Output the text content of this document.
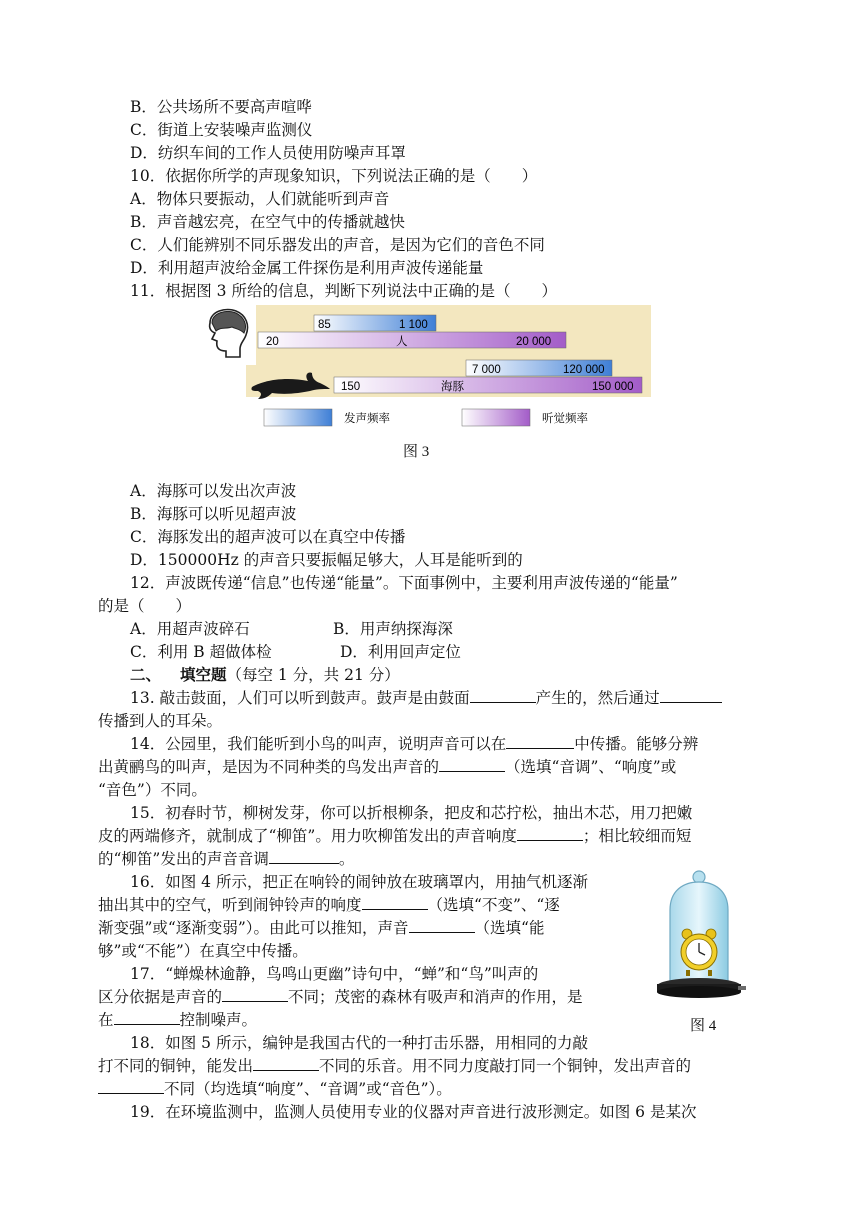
B．公共场所不要高声喧哗
C．街道上安装噪声监测仪
D．纺织车间的工作人员使用防噪声耳罩
10．依据你所学的声现象知识，下列说法正确的是（　　）
A．物体只要振动，人们就能听到声音
B．声音越宏亮，在空气中的传播就越快
C．人们能辨别不同乐器发出的声音，是因为它们的音色不同
D．利用超声波给金属工件探伤是利用声波传递能量
11．根据图 3 所给的信息，判断下列说法中正确的是（　　）
85	1 100
20	人	20 000
7 000	120 000
150	海豚	150 000
发声频率	听觉频率
图 3
A．海豚可以发出次声波
B．海豚可以听见超声波
C．海豚发出的超声波可以在真空中传播
D．150000Hz 的声音只要振幅足够大，人耳是能听到的
12．声波既传递“信息”也传递“能量”。下面事例中，主要利用声波传递的“能量”
的是（　　）
A．用超声波碎石	B．用声纳探海深
C．利用 B 超做体检	D．利用回声定位
二、 填空题（每空 1 分，共 21 分）
13. 敲击鼓面，人们可以听到鼓声。鼓声是由鼓面	产生的，然后通过
传播到人的耳朵。
14．公园里，我们能听到小鸟的叫声，说明声音可以在	中传播。能够分辨
出黄鹂鸟的叫声，是因为不同种类的鸟发出声音的	（选填“音调”、“响度”或
“音色”）不同。
15．初春时节，柳树发芽，你可以折根柳条，把皮和芯拧松，抽出木芯，用刀把嫩
皮的两端修齐，就制成了“柳笛”。用力吹柳笛发出的声音响度	；相比较细而短
的“柳笛”发出的声音音调	。
16．如图 4 所示，把正在响铃的闹钟放在玻璃罩内，用抽气机逐渐
抽出其中的空气，听到闹钟铃声的响度	（选填“不变”、“逐
渐变强”或“逐渐变弱”）。由此可以推知，声音	（选填“能
够”或“不能”）在真空中传播。
17．“蝉燥林逾静，鸟鸣山更幽”诗句中，“蝉”和“鸟”叫声的
区分依据是声音的	不同；茂密的森林有吸声和消声的作用，是
在	控制噪声。	图 4
18．如图 5 所示，编钟是我国古代的一种打击乐器，用相同的力敲
打不同的铜钟，能发出	不同的乐音。用不同力度敲打同一个铜钟，发出声音的
不同（均选填“响度”、“音调”或“音色”）。
19．在环境监测中，监测人员使用专业的仪器对声音进行波形测定。如图 6 是某次
